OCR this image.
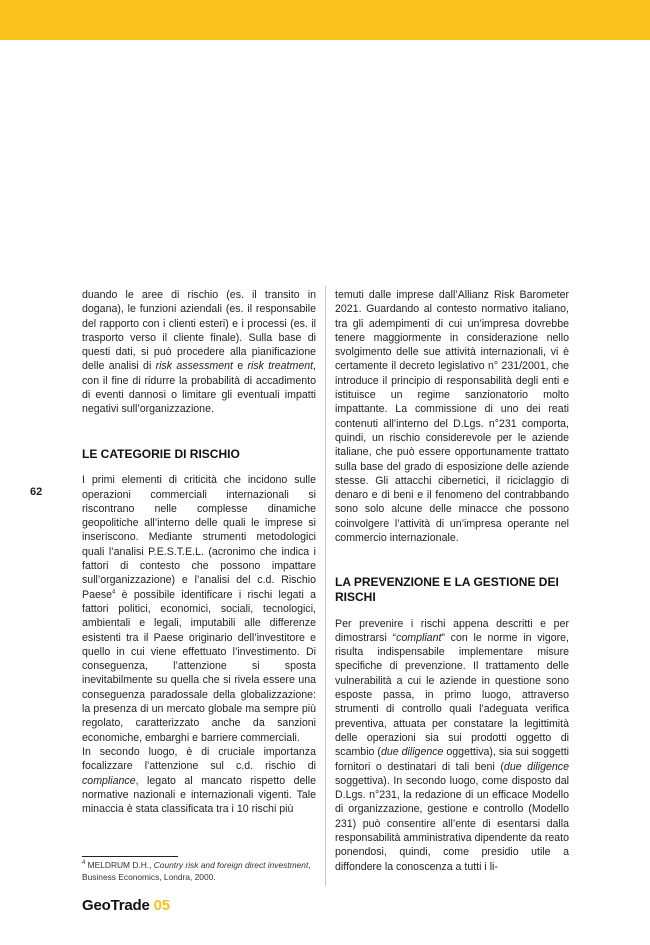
62

duando le aree di rischio (es. il transito in dogana), le funzioni aziendali (es. il responsabile del rapporto con i clienti esteri) e i processi (es. il trasporto verso il cliente finale). Sulla base di questi dati, si può procedere alla pianificazione delle analisi di risk assessment e risk treatment, con il fine di ridurre la probabilità di accadimento di eventi dannosi o limitare gli eventuali impatti negativi sull’organizzazione.

LE CATEGORIE DI RISCHIO

I primi elementi di criticità che incidono sulle operazioni commerciali internazionali si riscontrano nelle complesse dinamiche geopolitiche all’interno delle quali le imprese si inseriscono. Mediante strumenti metodologici quali l’analisi P.E.S.T.E.L. (acronimo che indica i fattori di contesto che possono impattare sull’organizzazione) e l’analisi del c.d. Rischio Paese$^4$ è possibile identificare i rischi legati a fattori politici, economici, sociali, tecnologici, ambientali e legali, imputabili alle differenze esistenti tra il Paese originario dell’investitore e quello in cui viene effettuato l’investimento. Di conseguenza, l’attenzione si sposta inevitabilmente su quella che si rivela essere una conseguenza paradossale della globalizzazione: la presenza di un mercato globale ma sempre più regolato, caratterizzato anche da sanzioni economiche, embarghi e barriere commerciali.

In secondo luogo, è di cruciale importanza focalizzare l’attenzione sul c.d. rischio di compliance, legato al mancato rispetto delle normative nazionali e internazionali vigenti. Tale minaccia è stata classificata tra i 10 rischi più

temuti dalle imprese dall’Allianz Risk Barometer 2021. Guardando al contesto normativo italiano, tra gli adempimenti di cui un’impresa dovrebbe tenere maggiormente in considerazione nello svolgimento delle sue attività internazionali, vi è certamente il decreto legislativo n° 231/2001, che introduce il principio di responsabilità degli enti e istituisce un regime sanzionatorio molto impattante. La commissione di uno dei reati contenuti all’interno del D.Lgs. n°231 comporta, quindi, un rischio considerevole per le aziende italiane, che può essere opportunamente trattato sulla base del grado di esposizione delle aziende stesse. Gli attacchi cibernetici, il riciclaggio di denaro e di beni e il fenomeno del contrabbando sono solo alcune delle minacce che possono coinvolgere l’attività di un’impresa operante nel commercio internazionale.

LA PREVENZIONE E LA GESTIONE DEI RISCHI

Per prevenire i rischi appena descritti e per dimostrarsi “compliant” con le norme in vigore, risulta indispensabile implementare misure specifiche di prevenzione. Il trattamento delle vulnerabilità a cui le aziende in questione sono esposte passa, in primo luogo, attraverso strumenti di controllo quali l’adeguata verifica preventiva, attuata per constatare la legittimità delle operazioni sia sui prodotti oggetto di scambio (due diligence oggettiva), sia sui soggetti fornitori o destinatari di tali beni (due diligence soggettiva). In secondo luogo, come disposto dal D.Lgs. n°231, la redazione di un efficace Modello di organizzazione, gestione e controllo (Modello 231) può consentire all’ente di esentarsi dalla responsabilità amministrativa dipendente da reato ponendosi, quindi, come presidio utile a diffondere la conoscenza a tutti i li-

$^4$ MELDRUM D.H., Country risk and foreign direct investment, Business Economics, Londra, 2000.

GeoTrade 05
